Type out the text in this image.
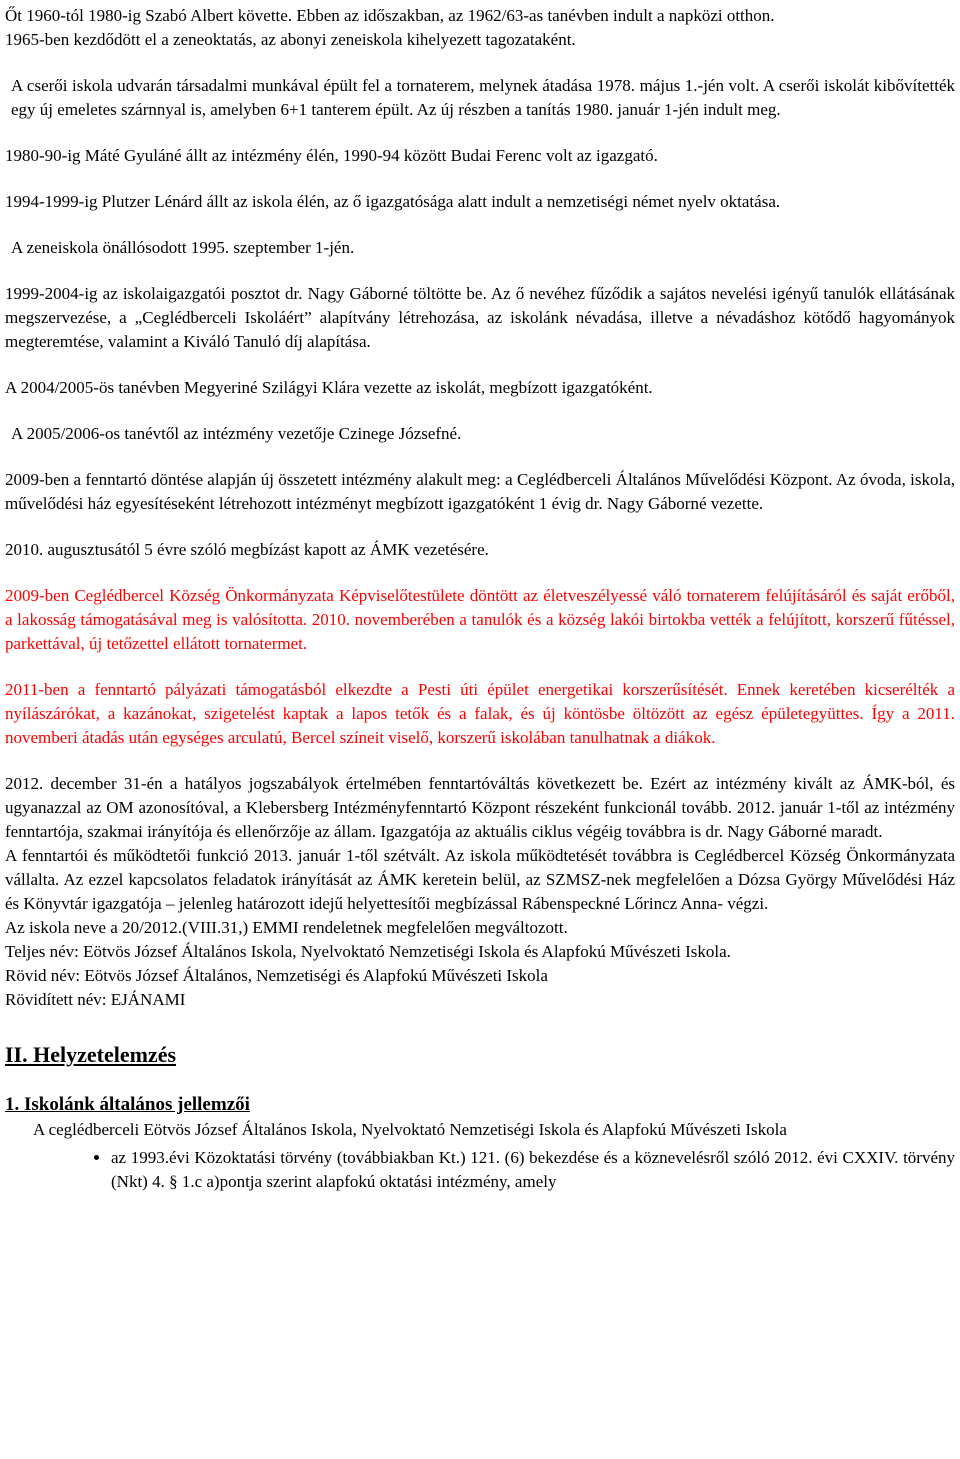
Őt 1960-tól 1980-ig Szabó Albert követte. Ebben az időszakban, az 1962/63-as tanévben indult a napközi otthon.

1965-ben kezdődött el a zeneoktatás, az abonyi zeneiskola kihelyezett tagozataként.

A cserői iskola udvarán társadalmi munkával épült fel a tornaterem, melynek átadása 1978. május 1.-jén volt. A cserői iskolát kibővítették egy új emeletes szárnnyal is, amelyben 6+1 tanterem épült. Az új részben a tanítás 1980. január 1-jén indult meg.

1980-90-ig Máté Gyuláné állt az intézmény élén, 1990-94 között Budai Ferenc volt az igazgató.

1994-1999-ig Plutzer Lénárd állt az iskola élén, az ő igazgatósága alatt indult a nemzetiségi német nyelv oktatása.

A zeneiskola önállósodott 1995. szeptember 1-jén.

1999-2004-ig az iskolaigazgatói posztot dr. Nagy Gáborné töltötte be. Az ő nevéhez fűződik a sajátos nevelési igényű tanulók ellátásának megszervezése, a „Ceglédberceli Iskoláért” alapítvány létrehozása, az iskolánk névadása, illetve a névadáshoz kötődő hagyományok megteremtése, valamint a Kiváló Tanuló díj alapítása.

A 2004/2005-ös tanévben Megyeriné Szilágyi Klára vezette az iskolát, megbízott igazgatóként.

A 2005/2006-os tanévtől az intézmény vezetője Czinege Józsefné.

2009-ben a fenntartó döntése alapján új összetett intézmény alakult meg: a Ceglédberceli Általános Művelődési Központ. Az óvoda, iskola, művelődési ház egyesítéseként létrehozott intézményt megbízott igazgatóként 1 évig dr. Nagy Gáborné vezette.

2010. augusztusától 5 évre szóló megbízást kapott az ÁMK vezetésére.

2009-ben Ceglédbercel Község Önkormányzata Képviselőtestülete döntött az életveszélyessé váló tornaterem felújításáról és saját erőből, a lakosság támogatásával meg is valósította. 2010. novemberében a tanulók és a község lakói birtokba vették a felújított, korszerű fűtéssel, parkettával, új tetőzettel ellátott tornatermet.

2011-ben a fenntartó pályázati támogatásból elkezdte a Pesti úti épület energetikai korszerűsítését. Ennek keretében kicserélték a nyílászárókat, a kazánokat, szigetelést kaptak a lapos tetők és a falak, és új köntösbe öltözött az egész épületegyüttes. Így a 2011. novemberi átadás után egységes arculatú, Bercel színeit viselő, korszerű iskolában tanulhatnak a diákok.

2012. december 31-én a hatályos jogszabályok értelmében fenntartóváltás következett be. Ezért az intézmény kivált az ÁMK-ból, és ugyanazzal az OM azonosítóval, a Klebersberg Intézményfenntartó Központ részeként funkcionál tovább. 2012. január 1-től az intézmény fenntartója, szakmai irányítója és ellenőrzője az állam. Igazgatója az aktuális ciklus végéig továbbra is dr. Nagy Gáborné maradt.

A fenntartói és működtetői funkció 2013. január 1-től szétvált. Az iskola működtetését továbbra is Ceglédbercel Község Önkormányzata vállalta. Az ezzel kapcsolatos feladatok irányítását az ÁMK keretein belül, az SZMSZ-nek megfelelően a Dózsa György Művelődési Ház és Könyvtár igazgatója – jelenleg határozott idejű helyettesítői megbízással Rábenspeckné Lőrincz Anna- végzi.

Az iskola neve a 20/2012.(VIII.31,) EMMI rendeletnek megfelelően megváltozott.

Teljes név: Eötvös József Általános Iskola, Nyelvoktató Nemzetiségi Iskola és Alapfokú Művészeti Iskola.

Rövid név: Eötvös József Általános, Nemzetiségi és Alapfokú Művészeti Iskola

Rövidített név: EJÁNAMI

II. Helyzetelemzés
1. Iskolánk általános jellemzői

A ceglédberceli Eötvös József Általános Iskola, Nyelvoktató Nemzetiségi Iskola és Alapfokú Művészeti Iskola

• az 1993.évi Közoktatási törvény (továbbiakban Kt.) 121. (6) bekezdése és a köznevelésről szóló 2012. évi CXXIV. törvény (Nkt) 4. § 1.c a)pontja szerint alapfokú oktatási intézmény, amely
